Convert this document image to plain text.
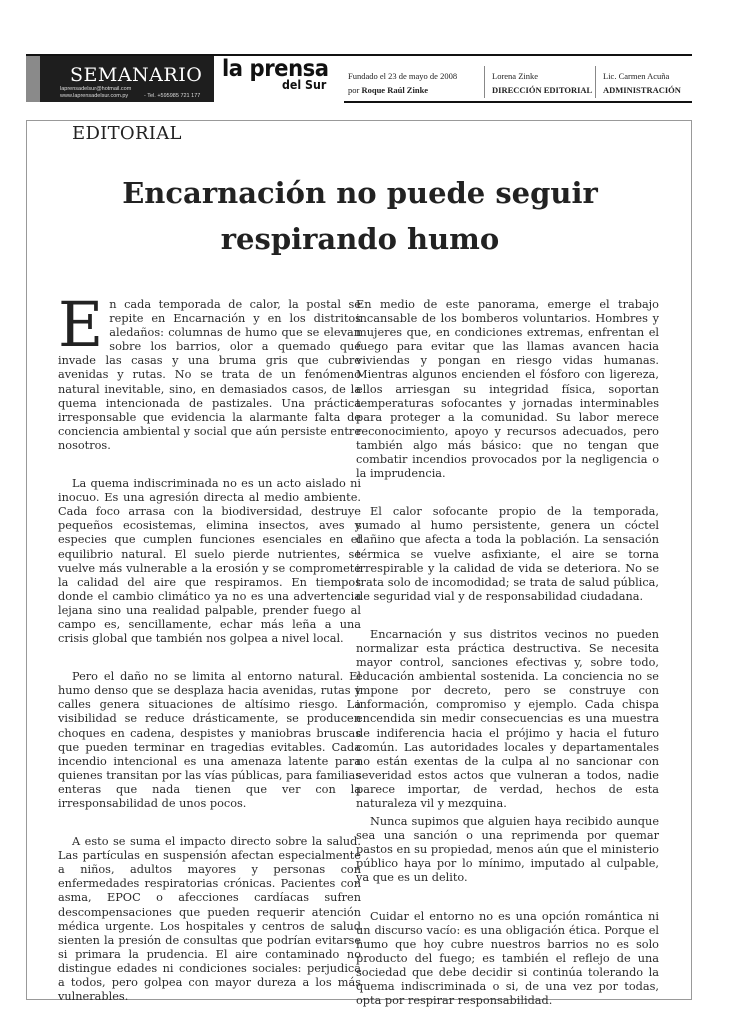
SEMANARIO
laprensadelsur@hotmail.com
www.laprensadelsur.com.py	- Tel. +595985 721 177
la prensa
del Sur
Fundado el 23 de mayo de 2008
por Roque Raúl Zinke
Lorena Zinke
DIRECCIÓN EDITORIAL
Lic. Carmen Acuña
ADMINISTRACIÓN
EDITORIAL
Encarnación no puede seguir respirando humo

En cada temporada de calor, la postal se repite en Encarnación y en los distritos aledaños: columnas de humo que se elevan sobre los barrios, olor a quemado que invade las casas y una bruma gris que cubre avenidas y rutas. No se trata de un fenómeno natural inevitable, sino, en demasiados casos, de la quema intencionada de pastizales. Una práctica irresponsable que evidencia la alarmante falta de conciencia ambiental y social que aún persiste entre nosotros.

La quema indiscriminada no es un acto aislado ni inocuo. Es una agresión directa al medio ambiente. Cada foco arrasa con la biodiversidad, destruye pequeños ecosistemas, elimina insectos, aves y especies que cumplen funciones esenciales en el equilibrio natural. El suelo pierde nutrientes, se vuelve más vulnerable a la erosión y se compromete la calidad del aire que respiramos. En tiempos donde el cambio climático ya no es una advertencia lejana sino una realidad palpable, prender fuego al campo es, sencillamente, echar más leña a una crisis global que también nos golpea a nivel local.

Pero el daño no se limita al entorno natural. El humo denso que se desplaza hacia avenidas, rutas y calles genera situaciones de altísimo riesgo. La visibilidad se reduce drásticamente, se producen choques en cadena, despistes y maniobras bruscas que pueden terminar en tragedias evitables. Cada incendio intencional es una amenaza latente para quienes transitan por las vías públicas, para familias enteras que nada tienen que ver con la irresponsabilidad de unos pocos.

A esto se suma el impacto directo sobre la salud. Las partículas en suspensión afectan especialmente a niños, adultos mayores y personas con enfermedades respiratorias crónicas. Pacientes con asma, EPOC o afecciones cardíacas sufren descompensaciones que pueden requerir atención médica urgente. Los hospitales y centros de salud sienten la presión de consultas que podrían evitarse si primara la prudencia. El aire contaminado no distingue edades ni condiciones sociales: perjudica a todos, pero golpea con mayor dureza a los más vulnerables.

En medio de este panorama, emerge el trabajo incansable de los bomberos voluntarios. Hombres y mujeres que, en condiciones extremas, enfrentan el fuego para evitar que las llamas avancen hacia viviendas y pongan en riesgo vidas humanas. Mientras algunos encienden el fósforo con ligereza, ellos arriesgan su integridad física, soportan temperaturas sofocantes y jornadas interminables para proteger a la comunidad. Su labor merece reconocimiento, apoyo y recursos adecuados, pero también algo más básico: que no tengan que combatir incendios provocados por la negligencia o la imprudencia.

El calor sofocante propio de la temporada, sumado al humo persistente, genera un cóctel dañino que afecta a toda la población. La sensación térmica se vuelve asfixiante, el aire se torna irrespirable y la calidad de vida se deteriora. No se trata solo de incomodidad; se trata de salud pública, de seguridad vial y de responsabilidad ciudadana.

Encarnación y sus distritos vecinos no pueden normalizar esta práctica destructiva. Se necesita mayor control, sanciones efectivas y, sobre todo, educación ambiental sostenida. La conciencia no se impone por decreto, pero se construye con información, compromiso y ejemplo. Cada chispa encendida sin medir consecuencias es una muestra de indiferencia hacia el prójimo y hacia el futuro común. Las autoridades locales y departamentales no están exentas de la culpa al no sancionar con severidad estos actos que vulneran a todos, nadie parece importar, de verdad, hechos de esta naturaleza vil y mezquina.

Nunca supimos que alguien haya recibido aunque sea una sanción o una reprimenda por quemar pastos en su propiedad, menos aún que el ministerio público haya por lo mínimo, imputado al culpable, ya que es un delito.

Cuidar el entorno no es una opción romántica ni un discurso vacío: es una obligación ética. Porque el humo que hoy cubre nuestros barrios no es solo producto del fuego; es también el reflejo de una sociedad que debe decidir si continúa tolerando la quema indiscriminada o si, de una vez por todas, opta por respirar responsabilidad.
